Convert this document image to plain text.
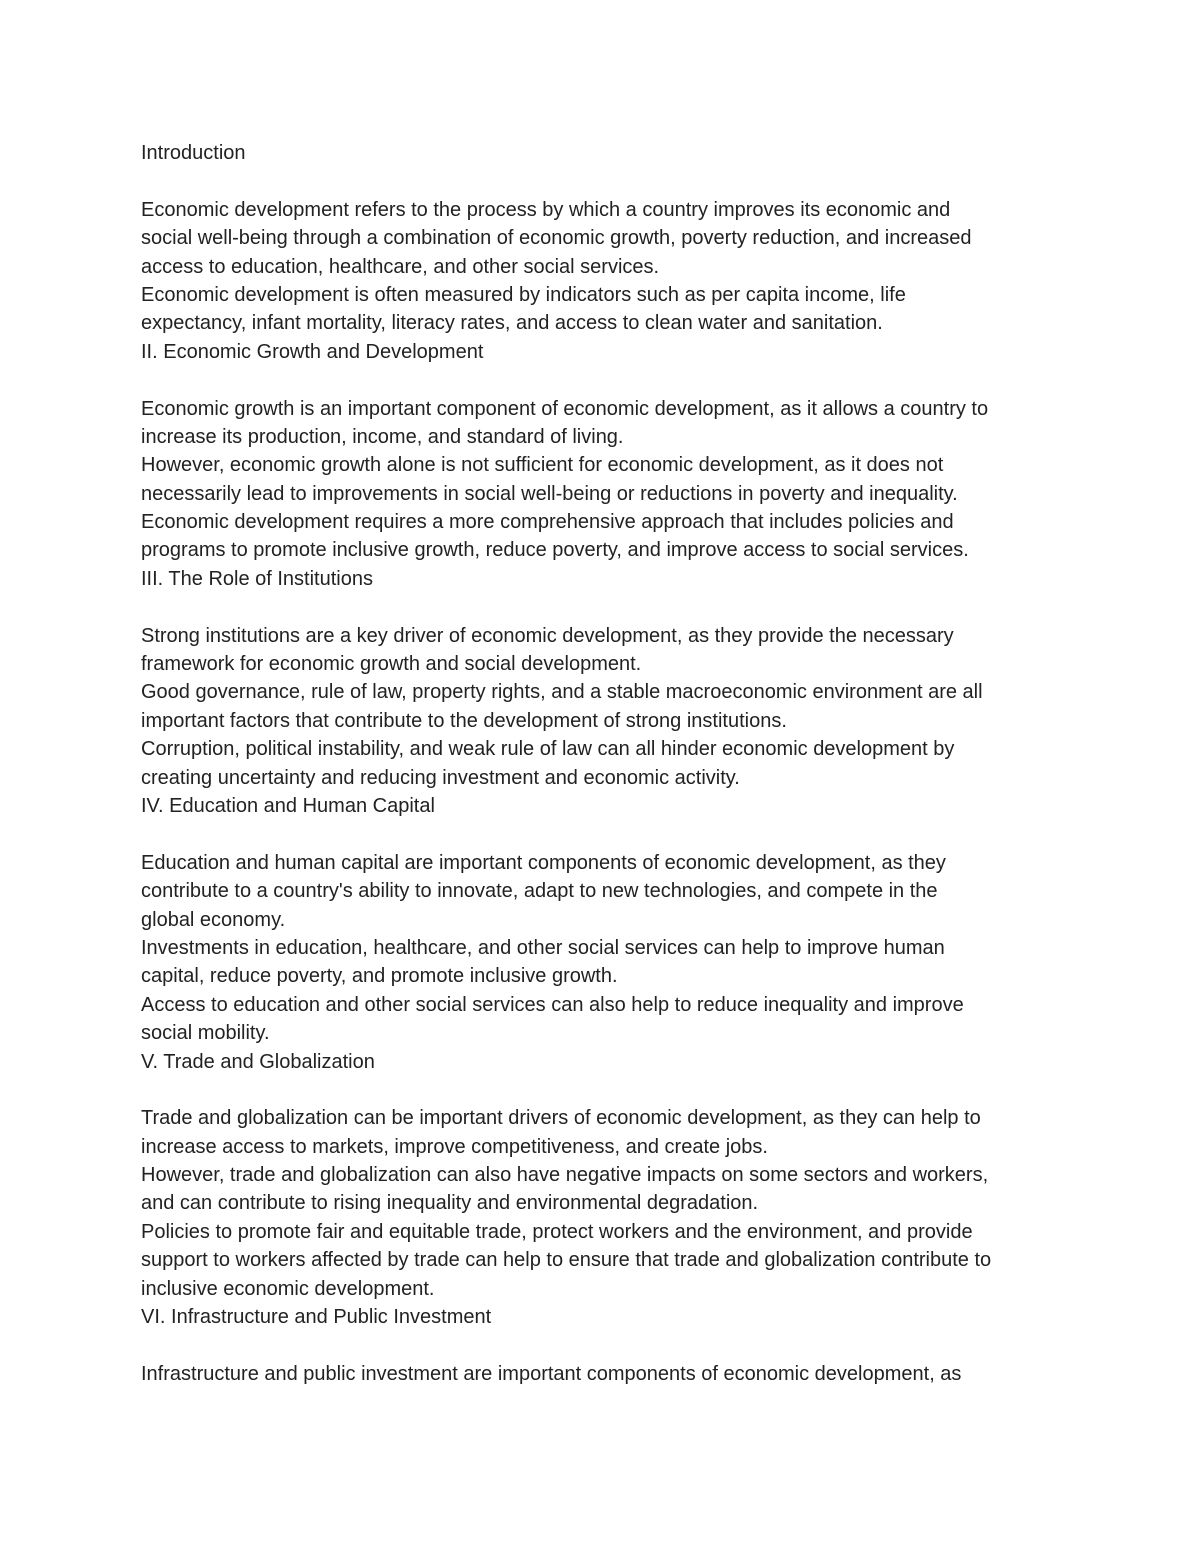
Introduction
Economic development refers to the process by which a country improves its economic and
social well-being through a combination of economic growth, poverty reduction, and increased
access to education, healthcare, and other social services.
Economic development is often measured by indicators such as per capita income, life
expectancy, infant mortality, literacy rates, and access to clean water and sanitation.
II. Economic Growth and Development
Economic growth is an important component of economic development, as it allows a country to
increase its production, income, and standard of living.
However, economic growth alone is not sufficient for economic development, as it does not
necessarily lead to improvements in social well-being or reductions in poverty and inequality.
Economic development requires a more comprehensive approach that includes policies and
programs to promote inclusive growth, reduce poverty, and improve access to social services.
III. The Role of Institutions
Strong institutions are a key driver of economic development, as they provide the necessary
framework for economic growth and social development.
Good governance, rule of law, property rights, and a stable macroeconomic environment are all
important factors that contribute to the development of strong institutions.
Corruption, political instability, and weak rule of law can all hinder economic development by
creating uncertainty and reducing investment and economic activity.
IV. Education and Human Capital
Education and human capital are important components of economic development, as they
contribute to a country's ability to innovate, adapt to new technologies, and compete in the
global economy.
Investments in education, healthcare, and other social services can help to improve human
capital, reduce poverty, and promote inclusive growth.
Access to education and other social services can also help to reduce inequality and improve
social mobility.
V. Trade and Globalization
Trade and globalization can be important drivers of economic development, as they can help to
increase access to markets, improve competitiveness, and create jobs.
However, trade and globalization can also have negative impacts on some sectors and workers,
and can contribute to rising inequality and environmental degradation.
Policies to promote fair and equitable trade, protect workers and the environment, and provide
support to workers affected by trade can help to ensure that trade and globalization contribute to
inclusive economic development.
VI. Infrastructure and Public Investment
Infrastructure and public investment are important components of economic development, as
